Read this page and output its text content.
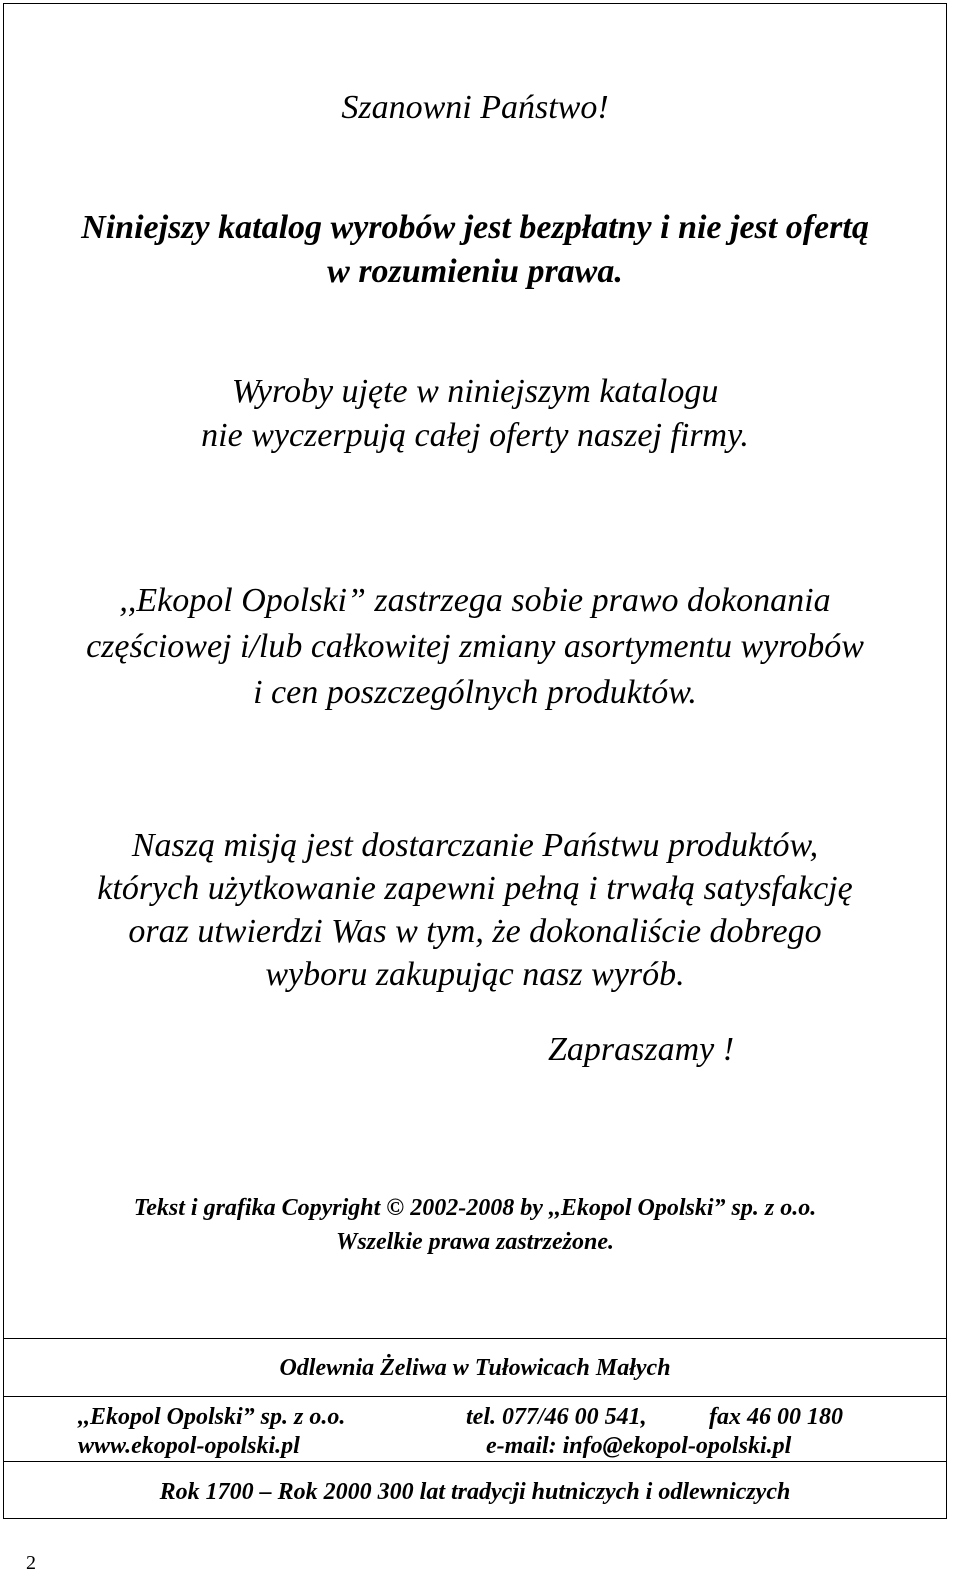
Szanowni Państwo!

Niniejszy katalog wyrobów jest bezpłatny i nie jest ofertą
w rozumieniu prawa.
Wyroby ujęte w niniejszym katalogu
nie wyczerpują całej oferty naszej firmy.
,,Ekopol Opolski” zastrzega sobie prawo dokonania
częściowej i/lub całkowitej zmiany asortymentu wyrobów
i cen poszczególnych produktów.
Naszą misją jest dostarczanie Państwu produktów,
których użytkowanie zapewni pełną i trwałą satysfakcję
oraz utwierdzi Was w tym, że dokonaliście dobrego
wyboru zakupując nasz wyrób.

Zapraszamy !

Tekst i grafika Copyright © 2002-2008 by ,,Ekopol Opolski” sp. z o.o.
Wszelkie prawa zastrzeżone.

Odlewnia Żeliwa w Tułowicach Małych

,,Ekopol Opolski” sp. z o.o.	tel. 077/46 00 541,	fax 46 00 180

www.ekopol-opolski.pl	e-mail: info@ekopol-opolski.pl

Rok 1700 – Rok 2000 300 lat tradycji hutniczych i odlewniczych

2
